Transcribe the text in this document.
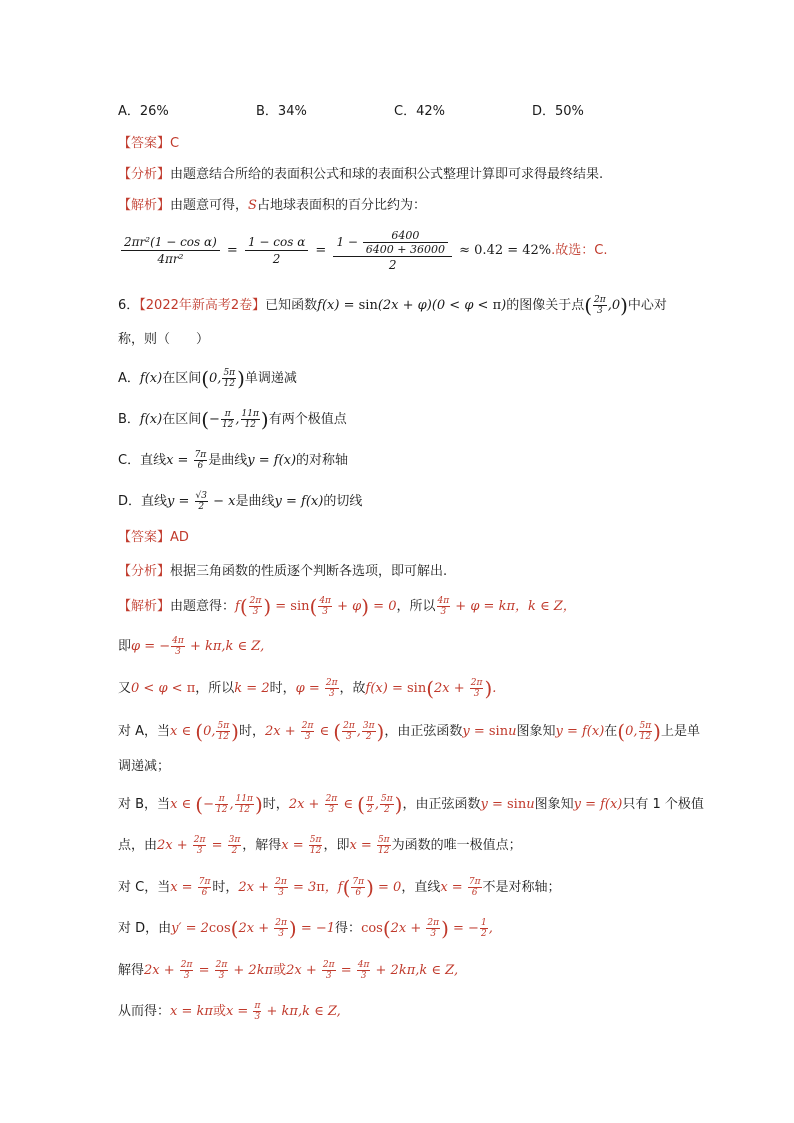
A．26%	B．34%	C．42%	D．50%
【答案】C
【分析】由题意结合所给的表面积公式和球的表面积公式整理计算即可求得最终结果.
【解析】由题意可得，S占地球表面积的百分比约为：
$\frac{\text{2πr²(1 − cos α)}}{\text{4πr²}} = \frac{\text{1 − cos α}}{2} = \frac{1 - \frac{6400}{6400 + 36000}}{2} \approx 0.42 = 42\%$.故选：C.
6．【2022年新高考2卷】已知函数f(x) = sin(2x + φ)(0 < φ < π)的图像关于点( $\frac{2\pi}{3} ,0$)中心对
称，则（　　）
A．f(x)在区间(0, $\frac{5\pi}{12}$ )单调递减
B．f(x)在区间(− $\frac{\pi}{12}$ , $\frac{11\pi}{12}$ )有两个极值点
C．直线$x = \frac{7\pi}{6}$ 是曲线y = f(x)的对称轴
D．直线$y = \frac{√3}{2} - x$是曲线y = f(x)的切线
【答案】AD
【分析】根据三角函数的性质逐个判断各选项，即可解出.
【解析】由题意得：$f( \frac{2\pi}{3}$ ) = $\sin( \frac{4\pi}{3} + \varphi) = 0$，所以 $\frac{4\pi}{3} + \varphi = k\pi$，k ∈ Z，
即φ = − $\frac{4\pi}{3} + k\pi,k$ ∈ Z,
又0 < φ < π，所以k = 2时，$\varphi = \frac{2\pi}{3}$ ，故$f(x) = \sin(2x + \frac{2\pi}{3}$ ).
对 A，当x ∈ (0, $\frac{5\pi}{12}$ )时，$2x + \frac{2\pi}{3}$ ∈ ( $\frac{2\pi}{3}$ , $\frac{3\pi}{2}$ )，由正弦函数y = sinu图象知y = f(x)在(0, $\frac{5\pi}{12}$ )上是单
调递减；
对 B，当x ∈ (− $\frac{\pi}{12}$ , $\frac{11\pi}{12}$ )时，$2x + \frac{2\pi}{3}$ ∈ ( $\frac{\pi}{2}$ , $\frac{5\pi}{2}$ )，由正弦函数y = sinu图象知y = f(x)只有 1 个极值
点，由$2x + \frac{2\pi}{3} = \frac{3\pi}{2}$ ，解得$x = \frac{5\pi}{12}$ ，即$x = \frac{5\pi}{12}$ 为函数的唯一极值点；
对 C，当$x = \frac{7\pi}{6}$ 时，$2x + \frac{2\pi}{3} = 3\pi$，$f( \frac{7\pi}{6}$ ) = 0，直线$x = \frac{7\pi}{6}$ 不是对称轴；
对 D，由$y' = 2\cos(2x + \frac{2\pi}{3}$ ) = −1得：$\cos(2x + \frac{2\pi}{3}$ ) = − $\frac{1}{2}$ ,
解得$2x + \frac{2\pi}{3} = \frac{2\pi}{3} + 2k\pi$或$2x + \frac{2\pi}{3} = \frac{4\pi}{3} + 2k\pi,k$ ∈ Z,
从而得：x = kπ或$x = \frac{\pi}{3} + k\pi,k$ ∈ Z,
